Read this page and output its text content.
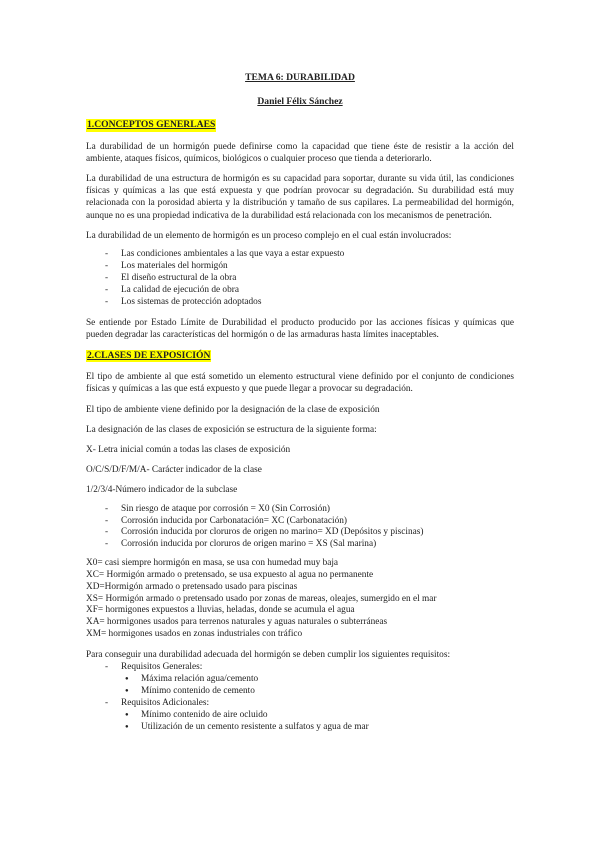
TEMA 6: DURABILIDAD
Daniel Félix Sánchez
1.CONCEPTOS GENERLAES

La durabilidad de un hormigón puede definirse como la capacidad que tiene éste de resistir a la acción del ambiente, ataques físicos, químicos, biológicos o cualquier proceso que tienda a deteriorarlo.

La durabilidad de una estructura de hormigón es su capacidad para soportar, durante su vida útil, las condiciones físicas y químicas a las que está expuesta y que podrían provocar su degradación. Su durabilidad está muy relacionada con la porosidad abierta y la distribución y tamaño de sus capilares. La permeabilidad del hormigón, aunque no es una propiedad indicativa de la durabilidad está relacionada con los mecanismos de penetración.

La durabilidad de un elemento de hormigón es un proceso complejo en el cual están involucrados:

- Las condiciones ambientales a las que vaya a estar expuesto
- Los materiales del hormigón
- El diseño estructural de la obra
- La calidad de ejecución de obra
- Los sistemas de protección adoptados

Se entiende por Estado Límite de Durabilidad el producto producido por las acciones físicas y químicas que pueden degradar las características del hormigón o de las armaduras hasta límites inaceptables.

2.CLASES DE EXPOSICIÓN

El tipo de ambiente al que está sometido un elemento estructural viene definido por el conjunto de condiciones físicas y químicas a las que está expuesto y que puede llegar a provocar su degradación.

El tipo de ambiente viene definido por la designación de la clase de exposición

La designación de las clases de exposición se estructura de la siguiente forma:

X- Letra inicial común a todas las clases de exposición

O/C/S/D/F/M/A- Carácter indicador de la clase

1/2/3/4-Número indicador de la subclase

- Sin riesgo de ataque por corrosión = X0 (Sin Corrosión)
- Corrosión inducida por Carbonatación= XC (Carbonatación)
- Corrosión inducida por cloruros de origen no marino= XD (Depósitos y piscinas)
- Corrosión inducida por cloruros de origen marino = XS (Sal marina)
X0= casi siempre hormigón en masa, se usa con humedad muy baja
XC= Hormigón armado o pretensado, se usa expuesto al agua no permanente
XD=Hormigón armado o pretensado usado para piscinas
XS= Hormigón armado o pretensado usado por zonas de mareas, oleajes, sumergido en el mar
XF= hormigones expuestos a lluvias, heladas, donde se acumula el agua
XA= hormigones usados para terrenos naturales y aguas naturales o subterráneas
XM= hormigones usados en zonas industriales con tráfico

Para conseguir una durabilidad adecuada del hormigón se deben cumplir los siguientes requisitos:

- Requisitos Generales:
● Máxima relación agua/cemento
● Mínimo contenido de cemento
- Requisitos Adicionales:
● Mínimo contenido de aire ocluido
● Utilización de un cemento resistente a sulfatos y agua de mar
